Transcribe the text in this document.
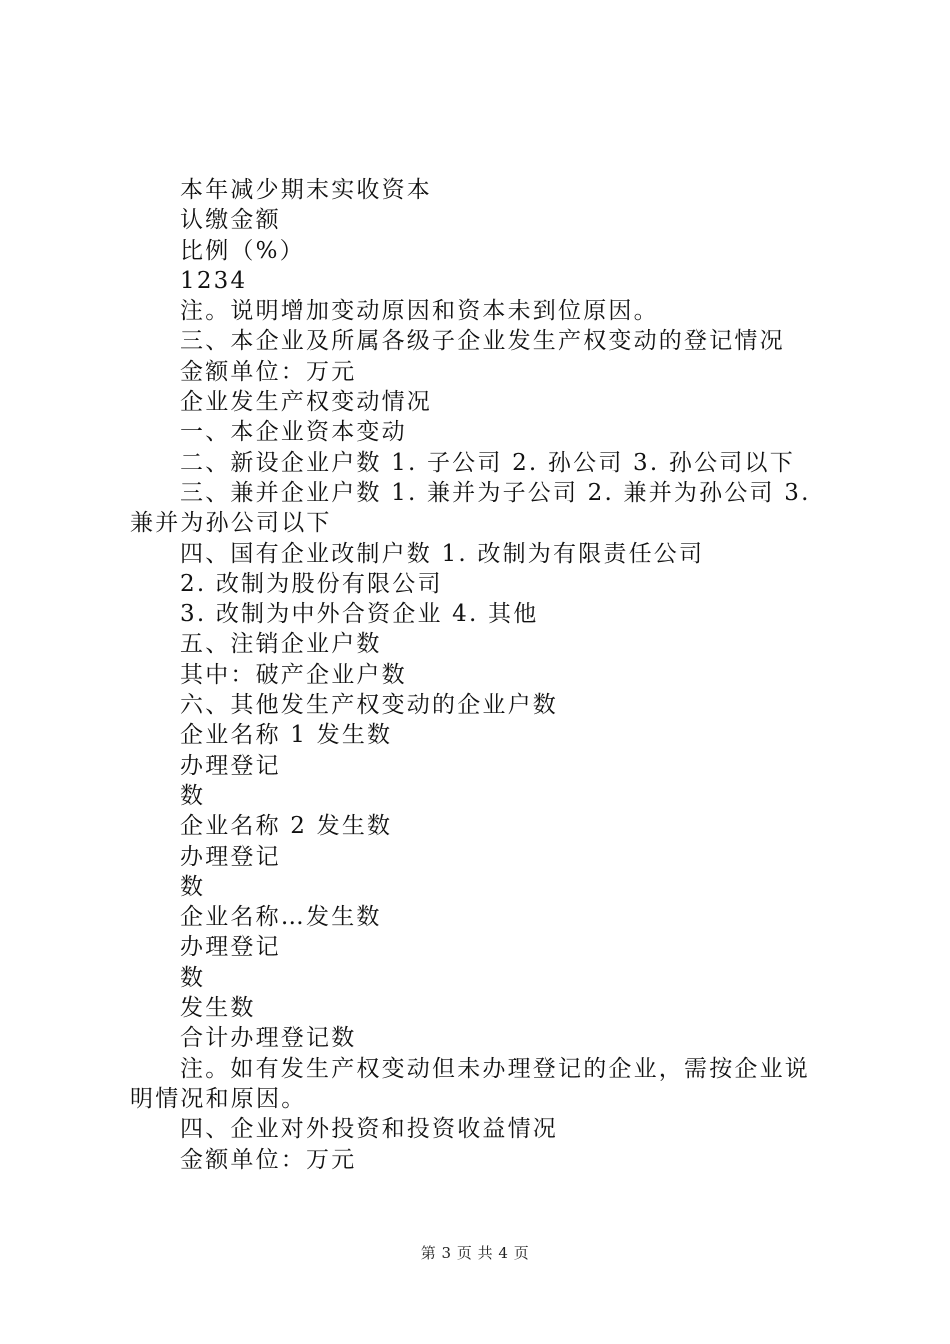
本年减少期末实收资本

认缴金额

比例（%）

1234

注。说明增加变动原因和资本未到位原因。

三、本企业及所属各级子企业发生产权变动的登记情况

金额单位：万元

企业发生产权变动情况

一、本企业资本变动

二、新设企业户数 1. 子公司 2. 孙公司 3. 孙公司以下

三、兼并企业户数 1. 兼并为子公司 2. 兼并为孙公司 3. 兼并为孙公司以下

四、国有企业改制户数 1. 改制为有限责任公司

2. 改制为股份有限公司

3. 改制为中外合资企业 4. 其他

五、注销企业户数

其中：破产企业户数

六、其他发生产权变动的企业户数

企业名称 1 发生数

办理登记

数

企业名称 2 发生数

办理登记

数

企业名称…发生数

办理登记

数

发生数

合计办理登记数

注。如有发生产权变动但未办理登记的企业，需按企业说明情况和原因。

四、企业对外投资和投资收益情况

金额单位：万元

第 3 页 共 4 页
